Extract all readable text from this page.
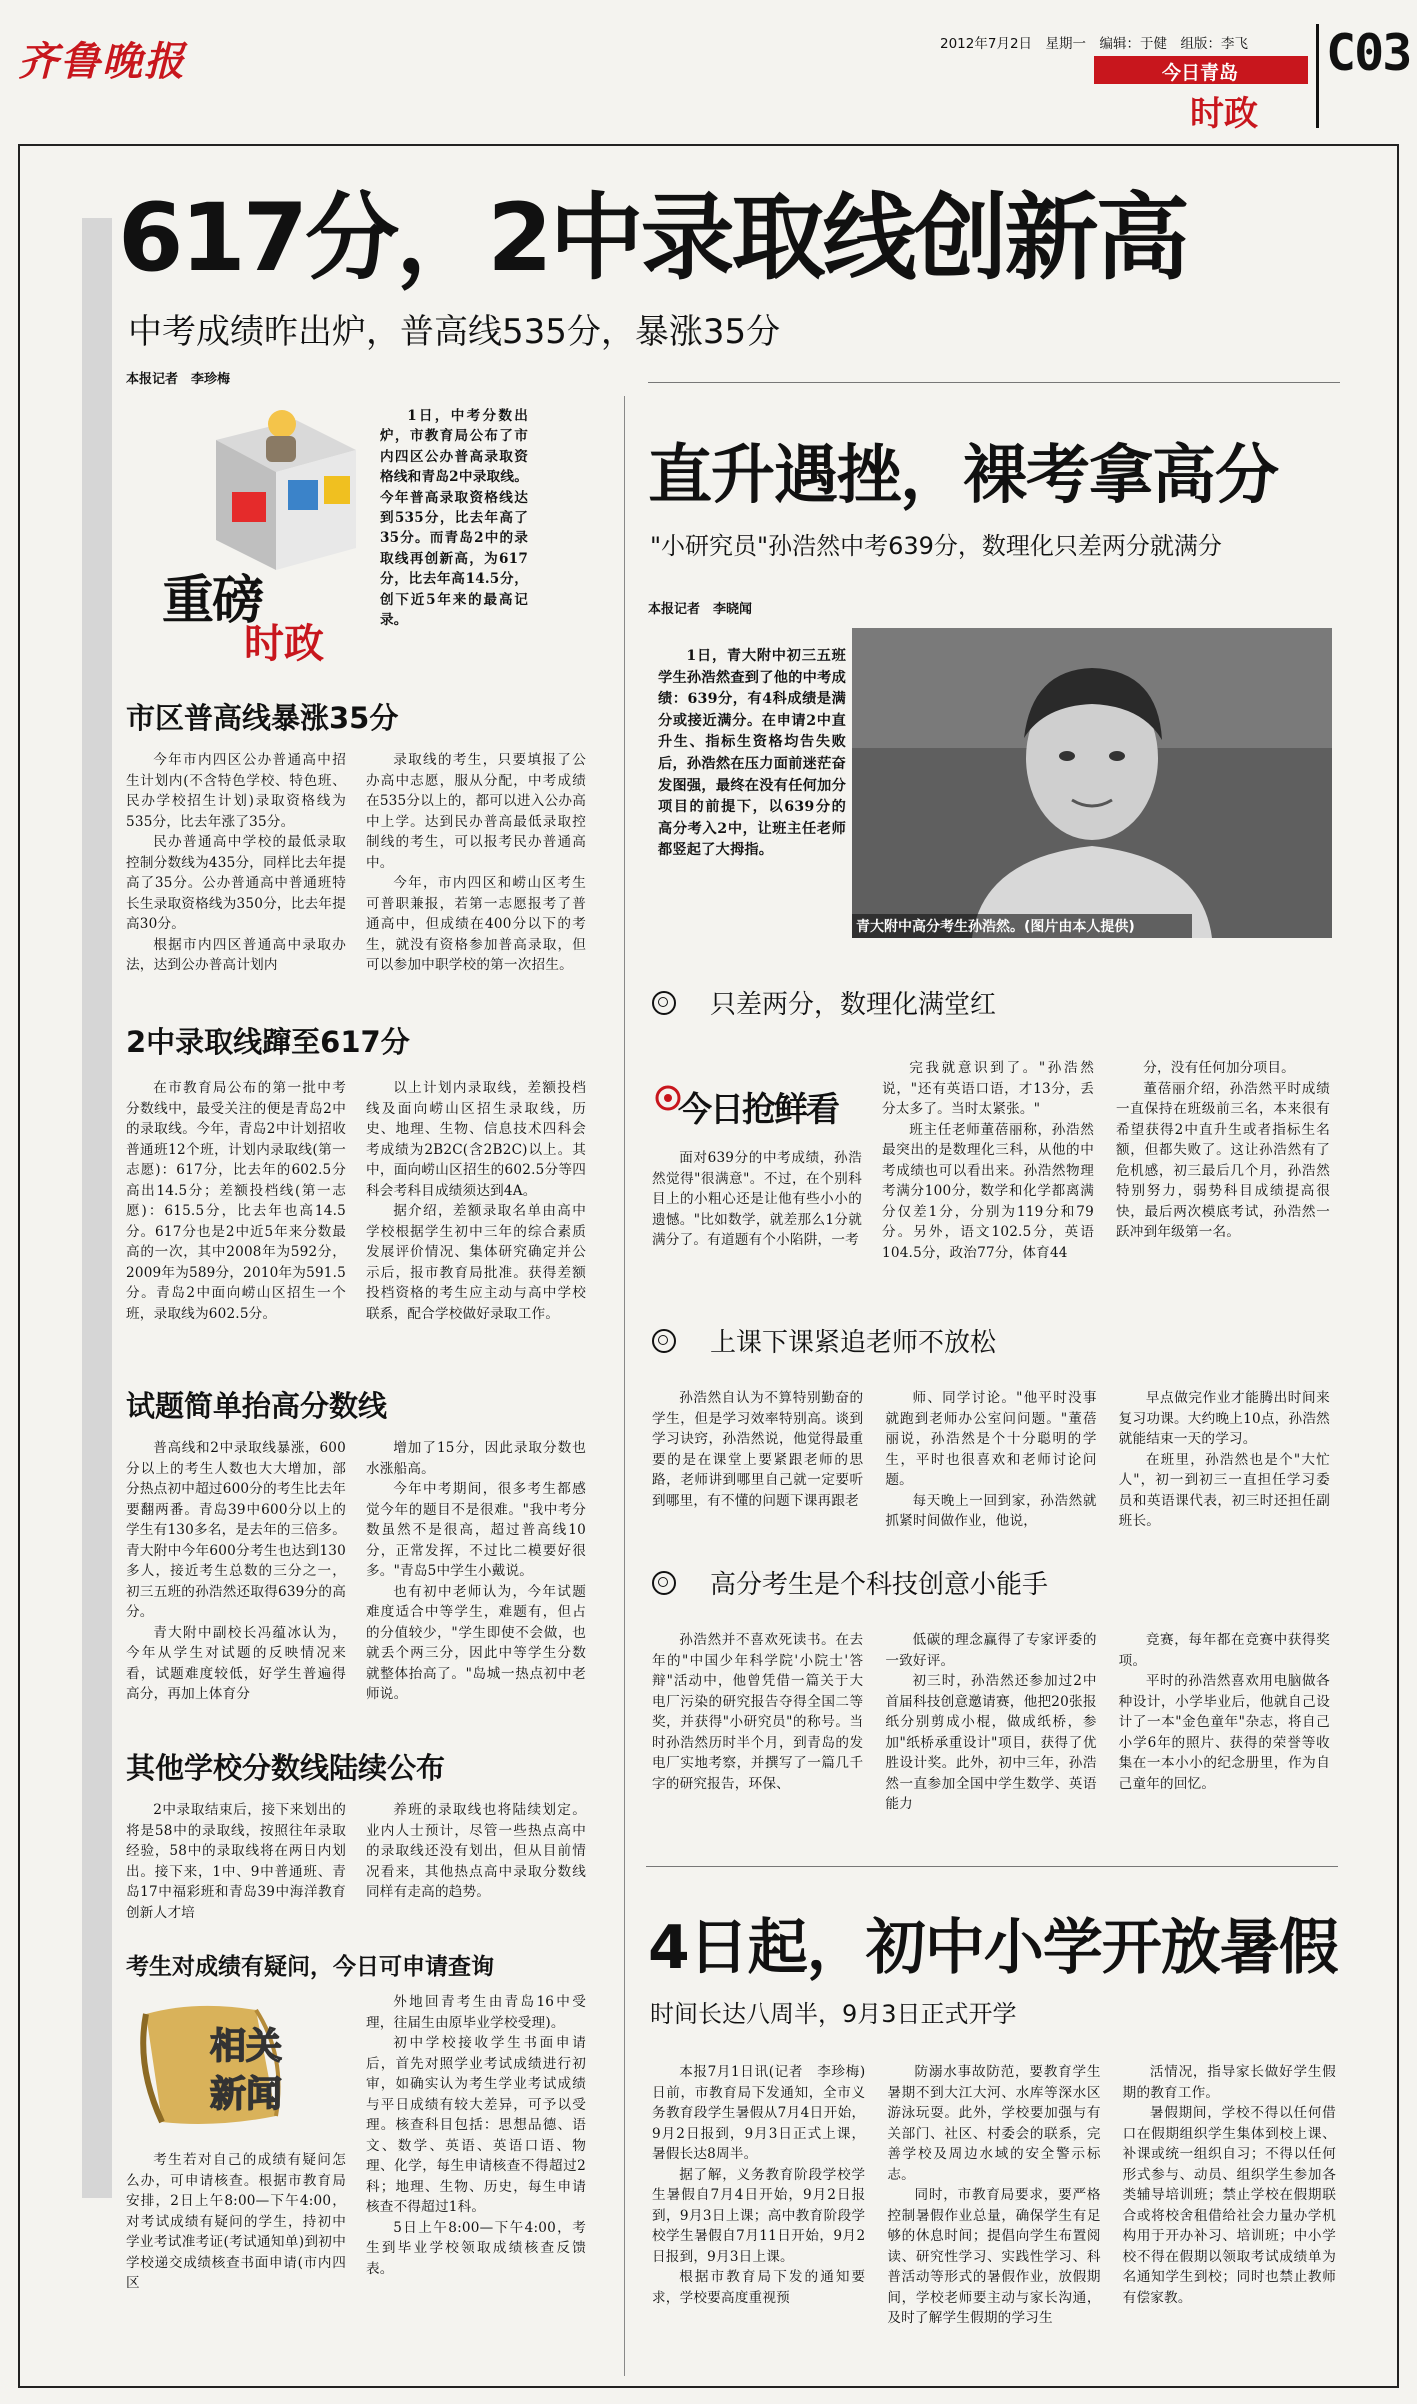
齐鲁晚报	2012年7月2日　星期一　编辑：于健　组版：李飞
今日青岛
时政
C03
617分，2中录取线创新高
中考成绩昨出炉，普高线535分，暴涨35分
本报记者　李珍梅
重磅
时政
1日，中考分数出炉，市教育局公布了市内四区公办普高录取资格线和青岛2中录取线。今年普高录取资格线达到535分，比去年高了35分。而青岛2中的录取线再创新高，为617分，比去年高14.5分，创下近5年来的最高记录。
市区普高线暴涨35分

今年市内四区公办普通高中招生计划内(不含特色学校、特色班、民办学校招生计划)录取资格线为535分，比去年涨了35分。

民办普通高中学校的最低录取控制分数线为435分，同样比去年提高了35分。公办普通高中普通班特长生录取资格线为350分，比去年提高30分。

根据市内四区普通高中录取办法，达到公办普高计划内

录取线的考生，只要填报了公办高中志愿，服从分配，中考成绩在535分以上的，都可以进入公办高中上学。达到民办普高最低录取控制线的考生，可以报考民办普通高中。

今年，市内四区和崂山区考生可普职兼报，若第一志愿报考了普通高中，但成绩在400分以下的考生，就没有资格参加普高录取，但可以参加中职学校的第一次招生。

2中录取线蹿至617分

在市教育局公布的第一批中考分数线中，最受关注的便是青岛2中的录取线。今年，青岛2中计划招收普通班12个班，计划内录取线(第一志愿)：617分，比去年的602.5分高出14.5分；差额投档线(第一志愿)：615.5分，比去年也高14.5分。617分也是2中近5年来分数最高的一次，其中2008年为592分，2009年为589分，2010年为591.5分。青岛2中面向崂山区招生一个班，录取线为602.5分。

以上计划内录取线，差额投档线及面向崂山区招生录取线，历史、地理、生物、信息技术四科会考成绩为2B2C(含2B2C)以上。其中，面向崂山区招生的602.5分等四科会考科目成绩须达到4A。

据介绍，差额录取名单由高中学校根据学生初中三年的综合素质发展评价情况、集体研究确定并公示后，报市教育局批准。获得差额投档资格的考生应主动与高中学校联系，配合学校做好录取工作。

试题简单抬高分数线

普高线和2中录取线暴涨，600分以上的考生人数也大大增加，部分热点初中超过600分的考生比去年要翻两番。青岛39中600分以上的学生有130多名，是去年的三倍多。青大附中今年600分考生也达到130多人，接近考生总数的三分之一，初三五班的孙浩然还取得639分的高分。

青大附中副校长冯蕴冰认为，今年从学生对试题的反映情况来看，试题难度较低，好学生普遍得高分，再加上体育分

增加了15分，因此录取分数也水涨船高。

今年中考期间，很多考生都感觉今年的题目不是很难。"我中考分数虽然不是很高，超过普高线10分，正常发挥，不过比二模要好很多。"青岛5中学生小戴说。

也有初中老师认为，今年试题难度适合中等学生，难题有，但占的分值较少，"学生即使不会做，也就丢个两三分，因此中等学生分数就整体抬高了。"岛城一热点初中老师说。

其他学校分数线陆续公布

2中录取结束后，接下来划出的将是58中的录取线，按照往年录取经验，58中的录取线将在两日内划出。接下来，1中、9中普通班、青岛17中福彩班和青岛39中海洋教育创新人才培

养班的录取线也将陆续划定。业内人士预计，尽管一些热点高中的录取线还没有划出，但从目前情况看来，其他热点高中录取分数线同样有走高的趋势。

考生对成绩有疑问，今日可申请查询
相关
新闻

考生若对自己的成绩有疑问怎么办，可申请核查。根据市教育局安排，2日上午8:00—下午4:00，对考试成绩有疑问的学生，持初中学业考试准考证(考试通知单)到初中学校递交成绩核查书面申请(市内四区

外地回青考生由青岛16中受理，往届生由原毕业学校受理)。

初中学校接收学生书面申请后，首先对照学业考试成绩进行初审，如确实认为考生学业考试成绩与平日成绩有较大差异，可予以受理。核查科目包括：思想品德、语文、数学、英语、英语口语、物理、化学，每生申请核查不得超过2科；地理、生物、历史，每生申请核查不得超过1科。

5日上午8:00—下午4:00，考生到毕业学校领取成绩核查反馈表。

直升遇挫，裸考拿高分
"小研究员"孙浩然中考639分，数理化只差两分就满分
本报记者　李晓闻
1日，青大附中初三五班学生孙浩然查到了他的中考成绩：639分，有4科成绩是满分或接近满分。在申请2中直升生、指标生资格均告失败后，孙浩然在压力面前迷茫奋发图强，最终在没有任何加分项目的前提下，以639分的高分考入2中，让班主任老师都竖起了大拇指。
青大附中高分考生孙浩然。(图片由本人提供)
只差两分，数理化满堂红
今日抢鲜看

面对639分的中考成绩，孙浩然觉得"很满意"。不过，在个别科目上的小粗心还是让他有些小小的遗憾。"比如数学，就差那么1分就满分了。有道题有个小陷阱，一考

完我就意识到了。"孙浩然说，"还有英语口语，才13分，丢分太多了。当时太紧张。"

班主任老师董蓓丽称，孙浩然最突出的是数理化三科，从他的中考成绩也可以看出来。孙浩然物理考满分100分，数学和化学都离满分仅差1分，分别为119分和79分。另外，语文102.5分，英语104.5分，政治77分，体育44

分，没有任何加分项目。

董蓓丽介绍，孙浩然平时成绩一直保持在班级前三名，本来很有希望获得2中直升生或者指标生名额，但都失败了。这让孙浩然有了危机感，初三最后几个月，孙浩然特别努力，弱势科目成绩提高很快，最后两次模底考试，孙浩然一跃冲到年级第一名。

上课下课紧追老师不放松

孙浩然自认为不算特别勤奋的学生，但是学习效率特别高。谈到学习诀窍，孙浩然说，他觉得最重要的是在课堂上要紧跟老师的思路，老师讲到哪里自己就一定要听到哪里，有不懂的问题下课再跟老

师、同学讨论。"他平时没事就跑到老师办公室问问题。"董蓓丽说，孙浩然是个十分聪明的学生，平时也很喜欢和老师讨论问题。

每天晚上一回到家，孙浩然就抓紧时间做作业，他说，

早点做完作业才能腾出时间来复习功课。大约晚上10点，孙浩然就能结束一天的学习。

在班里，孙浩然也是个"大忙人"，初一到初三一直担任学习委员和英语课代表，初三时还担任副班长。

高分考生是个科技创意小能手

孙浩然并不喜欢死读书。在去年的"中国少年科学院'小院士'答辩"活动中，他曾凭借一篇关于大电厂污染的研究报告夺得全国二等奖，并获得"小研究员"的称号。当时孙浩然历时半个月，到青岛的发电厂实地考察，并撰写了一篇几千字的研究报告，环保、

低碳的理念赢得了专家评委的一致好评。

初三时，孙浩然还参加过2中首届科技创意邀请赛，他把20张报纸分别剪成小棍，做成纸桥，参加"纸桥承重设计"项目，获得了优胜设计奖。此外，初中三年，孙浩然一直参加全国中学生数学、英语能力

竞赛，每年都在竞赛中获得奖项。

平时的孙浩然喜欢用电脑做各种设计，小学毕业后，他就自己设计了一本"金色童年"杂志，将自己小学6年的照片、获得的荣誉等收集在一本小小的纪念册里，作为自己童年的回忆。

4日起，初中小学开放暑假
时间长达八周半，9月3日正式开学

本报7月1日讯(记者　李珍梅)　日前，市教育局下发通知，全市义务教育段学生暑假从7月4日开始，9月2日报到，9月3日正式上课，暑假长达8周半。

据了解，义务教育阶段学校学生暑假自7月4日开始，9月2日报到，9月3日上课；高中教育阶段学校学生暑假自7月11日开始，9月2日报到，9月3日上课。

根据市教育局下发的通知要求，学校要高度重视预

防溺水事故防范，要教育学生暑期不到大江大河、水库等深水区游泳玩耍。此外，学校要加强与有关部门、社区、村委会的联系，完善学校及周边水域的安全警示标志。

同时，市教育局要求，要严格控制暑假作业总量，确保学生有足够的休息时间；提倡向学生布置阅读、研究性学习、实践性学习、科普活动等形式的暑假作业，放假期间，学校老师要主动与家长沟通，及时了解学生假期的学习生

活情况，指导家长做好学生假期的教育工作。

暑假期间，学校不得以任何借口在假期组织学生集体到校上课、补课或统一组织自习；不得以任何形式参与、动员、组织学生参加各类辅导培训班；禁止学校在假期联合或将校舍租借给社会力量办学机构用于开办补习、培训班；中小学校不得在假期以领取考试成绩单为名通知学生到校；同时也禁止教师有偿家教。
